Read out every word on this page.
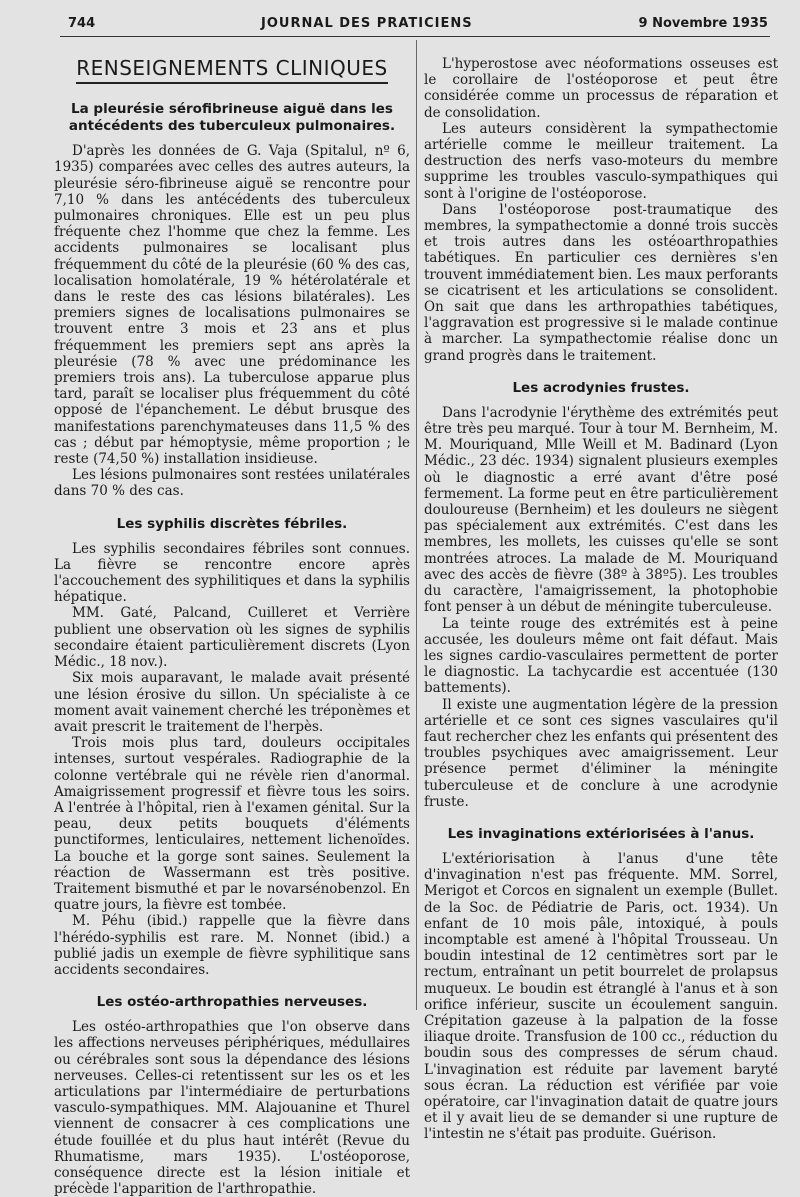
744	JOURNAL DES PRATICIENS	9 Novembre 1935
RENSEIGNEMENTS CLINIQUES
La pleurésie sérofibrineuse aiguë dans les antécédents des tuberculeux pulmonaires.

D'après les données de G. Vaja (Spitalul, nº 6, 1935) comparées avec celles des autres auteurs, la pleurésie séro-fibrineuse aiguë se rencontre pour 7,10 % dans les antécédents des tuberculeux pulmonaires chroniques. Elle est un peu plus fréquente chez l'homme que chez la femme. Les accidents pulmonaires se localisant plus fréquemment du côté de la pleurésie (60 % des cas, localisation homolatérale, 19 % hétérolatérale et dans le reste des cas lésions bilatérales). Les premiers signes de localisations pulmonaires se trouvent entre 3 mois et 23 ans et plus fréquemment les premiers sept ans après la pleurésie (78 % avec une prédominance les premiers trois ans). La tuberculose apparue plus tard, paraît se localiser plus fréquemment du côté opposé de l'épanchement. Le début brusque des manifestations parenchymateuses dans 11,5 % des cas ; début par hémoptysie, même proportion ; le reste (74,50 %) installation insidieuse.

Les lésions pulmonaires sont restées unilatérales dans 70 % des cas.

Les syphilis discrètes fébriles.

Les syphilis secondaires fébriles sont connues. La fièvre se rencontre encore après l'accouchement des syphilitiques et dans la syphilis hépatique.

MM. Gaté, Palcand, Cuilleret et Verrière publient une observation où les signes de syphilis secondaire étaient particulièrement discrets (Lyon Médic., 18 nov.).

Six mois auparavant, le malade avait présenté une lésion érosive du sillon. Un spécialiste à ce moment avait vainement cherché les tréponèmes et avait prescrit le traitement de l'herpès.

Trois mois plus tard, douleurs occipitales intenses, surtout vespérales. Radiographie de la colonne vertébrale qui ne révèle rien d'anormal. Amaigrissement progressif et fièvre tous les soirs. A l'entrée à l'hôpital, rien à l'examen génital. Sur la peau, deux petits bouquets d'éléments punctiformes, lenticulaires, nettement lichenoïdes. La bouche et la gorge sont saines. Seulement la réaction de Wassermann est très positive. Traitement bismuthé et par le novarsénobenzol. En quatre jours, la fièvre est tombée.

M. Péhu (ibid.) rappelle que la fièvre dans l'hérédo-syphilis est rare. M. Nonnet (ibid.) a publié jadis un exemple de fièvre syphilitique sans accidents secondaires.

Les ostéo-arthropathies nerveuses.

Les ostéo-arthropathies que l'on observe dans les affections nerveuses périphériques, médullaires ou cérébrales sont sous la dépendance des lésions nerveuses. Celles-ci retentissent sur les os et les articulations par l'intermédiaire de perturbations vasculo-sympathiques. MM. Alajouanine et Thurel viennent de consacrer à ces complications une étude fouillée et du plus haut intérêt (Revue du Rhumatisme, mars 1935). L'ostéoporose, conséquence directe est la lésion initiale et précède l'apparition de l'arthropathie.

L'hyperostose avec néoformations osseuses est le corollaire de l'ostéoporose et peut être considérée comme un processus de réparation et de consolidation.

Les auteurs considèrent la sympathectomie artérielle comme le meilleur traitement. La destruction des nerfs vaso-moteurs du membre supprime les troubles vasculo-sympathiques qui sont à l'origine de l'ostéoporose.

Dans l'ostéoporose post-traumatique des membres, la sympathectomie a donné trois succès et trois autres dans les ostéoarthropathies tabétiques. En particulier ces dernières s'en trouvent immédiatement bien. Les maux perforants se cicatrisent et les articulations se consolident. On sait que dans les arthropathies tabétiques, l'aggravation est progressive si le malade continue à marcher. La sympathectomie réalise donc un grand progrès dans le traitement.

Les acrodynies frustes.

Dans l'acrodynie l'érythème des extrémités peut être très peu marqué. Tour à tour M. Bernheim, M. M. Mouriquand, Mlle Weill et M. Badinard (Lyon Médic., 23 déc. 1934) signalent plusieurs exemples où le diagnostic a erré avant d'être posé fermement. La forme peut en être particulièrement douloureuse (Bernheim) et les douleurs ne siègent pas spécialement aux extrémités. C'est dans les membres, les mollets, les cuisses qu'elle se sont montrées atroces. La malade de M. Mouriquand avec des accès de fièvre (38º à 38º5). Les troubles du caractère, l'amaigrissement, la photophobie font penser à un début de méningite tuberculeuse.

La teinte rouge des extrémités est à peine accusée, les douleurs même ont fait défaut. Mais les signes cardio-vasculaires permettent de porter le diagnostic. La tachycardie est accentuée (130 battements).

Il existe une augmentation légère de la pression artérielle et ce sont ces signes vasculaires qu'il faut rechercher chez les enfants qui présentent des troubles psychiques avec amaigrissement. Leur présence permet d'éliminer la méningite tuberculeuse et de conclure à une acrodynie fruste.

Les invaginations extériorisées à l'anus.

L'extériorisation à l'anus d'une tête d'invagination n'est pas fréquente. MM. Sorrel, Merigot et Corcos en signalent un exemple (Bullet. de la Soc. de Pédiatrie de Paris, oct. 1934). Un enfant de 10 mois pâle, intoxiqué, à pouls incomptable est amené à l'hôpital Trousseau. Un boudin intestinal de 12 centimètres sort par le rectum, entraînant un petit bourrelet de prolapsus muqueux. Le boudin est étranglé à l'anus et à son orifice inférieur, suscite un écoulement sanguin. Crépitation gazeuse à la palpation de la fosse iliaque droite. Transfusion de 100 cc., réduction du boudin sous des compresses de sérum chaud. L'invagination est réduite par lavement baryté sous écran. La réduction est vérifiée par voie opératoire, car l'invagination datait de quatre jours et il y avait lieu de se demander si une rupture de l'intestin ne s'était pas produite. Guérison.
